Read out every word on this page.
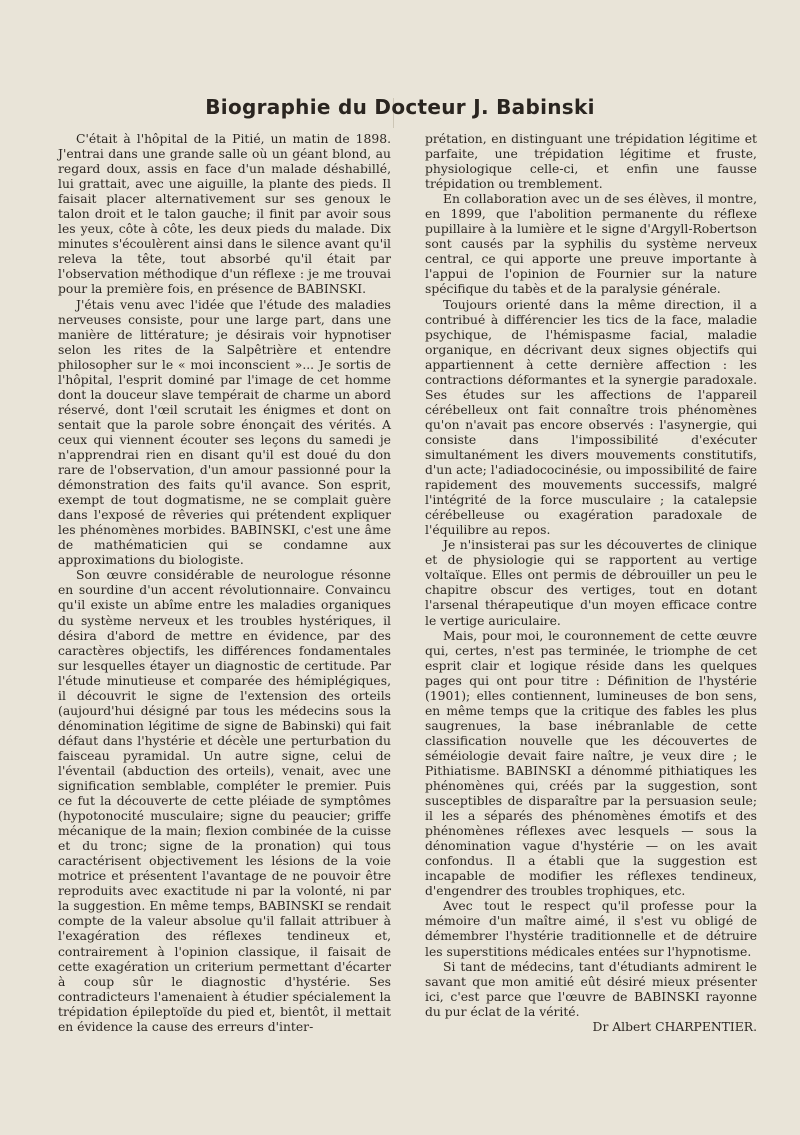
Biographie du Docteur J. Babinski

C'était à l'hôpital de la Pitié, un matin de 1898. J'entrai dans une grande salle où un géant blond, au regard doux, assis en face d'un malade déshabillé, lui grattait, avec une aiguille, la plante des pieds. Il faisait placer alternativement sur ses genoux le talon droit et le talon gauche; il finit par avoir sous les yeux, côte à côte, les deux pieds du malade. Dix minutes s'écoulèrent ainsi dans le silence avant qu'il releva la tête, tout absorbé qu'il était par l'observation méthodique d'un réflexe : je me trouvai pour la première fois, en présence de BABINSKI.

J'étais venu avec l'idée que l'étude des maladies nerveuses consiste, pour une large part, dans une manière de littérature; je désirais voir hypnotiser selon les rites de la Salpêtrière et entendre philosopher sur le « moi inconscient »... Je sortis de l'hôpital, l'esprit dominé par l'image de cet homme dont la douceur slave tempérait de charme un abord réservé, dont l'œil scrutait les énigmes et dont on sentait que la parole sobre énonçait des vérités. A ceux qui viennent écouter ses leçons du samedi je n'apprendrai rien en disant qu'il est doué du don rare de l'observation, d'un amour passionné pour la démonstration des faits qu'il avance. Son esprit, exempt de tout dogmatisme, ne se complait guère dans l'exposé de rêveries qui prétendent expliquer les phénomènes morbides. BABINSKI, c'est une âme de mathématicien qui se condamne aux approximations du biologiste.

Son œuvre considérable de neurologue résonne en sourdine d'un accent révolutionnaire. Convaincu qu'il existe un abîme entre les maladies organiques du système nerveux et les troubles hystériques, il désira d'abord de mettre en évidence, par des caractères objectifs, les différences fondamentales sur lesquelles étayer un diagnostic de certitude. Par l'étude minutieuse et comparée des hémiplégiques, il découvrit le signe de l'extension des orteils (aujourd'hui désigné par tous les médecins sous la dénomination légitime de signe de Babinski) qui fait défaut dans l'hystérie et décèle une perturbation du faisceau pyramidal. Un autre signe, celui de l'éventail (abduction des orteils), venait, avec une signification semblable, compléter le premier. Puis ce fut la découverte de cette pléiade de symptômes (hypotonocité musculaire; signe du peaucier; griffe mécanique de la main; flexion combinée de la cuisse et du tronc; signe de la pronation) qui tous caractérisent objectivement les lésions de la voie motrice et présentent l'avantage de ne pouvoir être reproduits avec exactitude ni par la volonté, ni par la suggestion. En même temps, BABINSKI se rendait compte de la valeur absolue qu'il fallait attribuer à l'exagération des réflexes tendineux et, contrairement à l'opinion classique, il faisait de cette exagération un criterium permettant d'écarter à coup sûr le diagnostic d'hystérie. Ses contradicteurs l'amenaient à étudier spécialement la trépidation épileptoïde du pied et, bientôt, il mettait en évidence la cause des erreurs d'inter-

prétation, en distinguant une trépidation légitime et parfaite, une trépidation légitime et fruste, physiologique celle-ci, et enfin une fausse trépidation ou tremblement.

En collaboration avec un de ses élèves, il montre, en 1899, que l'abolition permanente du réflexe pupillaire à la lumière et le signe d'Argyll-Robertson sont causés par la syphilis du système nerveux central, ce qui apporte une preuve importante à l'appui de l'opinion de Fournier sur la nature spécifique du tabès et de la paralysie générale.

Toujours orienté dans la même direction, il a contribué à différencier les tics de la face, maladie psychique, de l'hémispasme facial, maladie organique, en décrivant deux signes objectifs qui appartiennent à cette dernière affection : les contractions déformantes et la synergie paradoxale. Ses études sur les affections de l'appareil cérébelleux ont fait connaître trois phénomènes qu'on n'avait pas encore observés : l'asynergie, qui consiste dans l'impossibilité d'exécuter simultanément les divers mouvements constitutifs, d'un acte; l'adiadococinésie, ou impossibilité de faire rapidement des mouvements successifs, malgré l'intégrité de la force musculaire ; la catalepsie cérébelleuse ou exagération paradoxale de l'équilibre au repos.

Je n'insisterai pas sur les découvertes de clinique et de physiologie qui se rapportent au vertige voltaïque. Elles ont permis de débrouiller un peu le chapitre obscur des vertiges, tout en dotant l'arsenal thérapeutique d'un moyen efficace contre le vertige auriculaire.

Mais, pour moi, le couronnement de cette œuvre qui, certes, n'est pas terminée, le triomphe de cet esprit clair et logique réside dans les quelques pages qui ont pour titre : Définition de l'hystérie (1901); elles contiennent, lumineuses de bon sens, en même temps que la critique des fables les plus saugrenues, la base inébranlable de cette classification nouvelle que les découvertes de séméiologie devait faire naître, je veux dire ; le Pithiatisme. BABINSKI a dénommé pithiatiques les phénomènes qui, créés par la suggestion, sont susceptibles de disparaître par la persuasion seule; il les a séparés des phénomènes émotifs et des phénomènes réflexes avec lesquels — sous la dénomination vague d'hystérie — on les avait confondus. Il a établi que la suggestion est incapable de modifier les réflexes tendineux, d'engendrer des troubles trophiques, etc.

Avec tout le respect qu'il professe pour la mémoire d'un maître aimé, il s'est vu obligé de démembrer l'hystérie traditionnelle et de détruire les superstitions médicales entées sur l'hypnotisme.

Si tant de médecins, tant d'étudiants admirent le savant que mon amitié eût désiré mieux présenter ici, c'est parce que l'œuvre de BABINSKI rayonne du pur éclat de la vérité.

Dr Albert CHARPENTIER.
